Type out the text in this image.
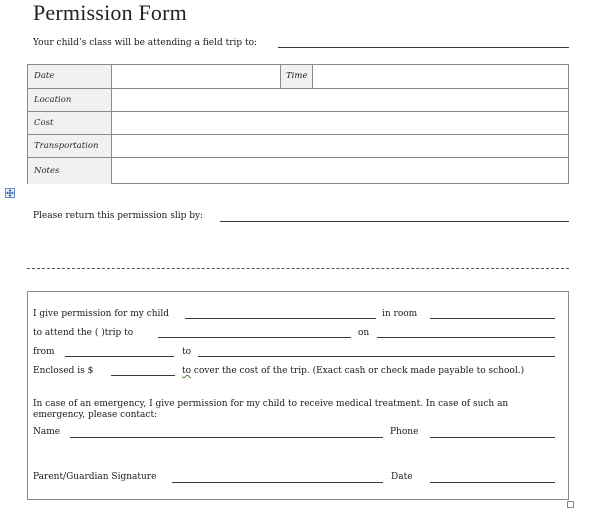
Permission Form
Your child’s class will be attending a field trip to:
Date	Time
Location
Cost
Transportation
Notes
Please return this permission slip by:
I give permission for my child	in room
to attend the ( )trip to	on
from	to
Enclosed is $	to cover the cost of the trip. (Exact cash or check made payable to school.)
In case of an emergency, I give permission for my child to receive medical treatment. In case of such an
emergency, please contact:
Name	Phone
Parent/Guardian Signature	Date
